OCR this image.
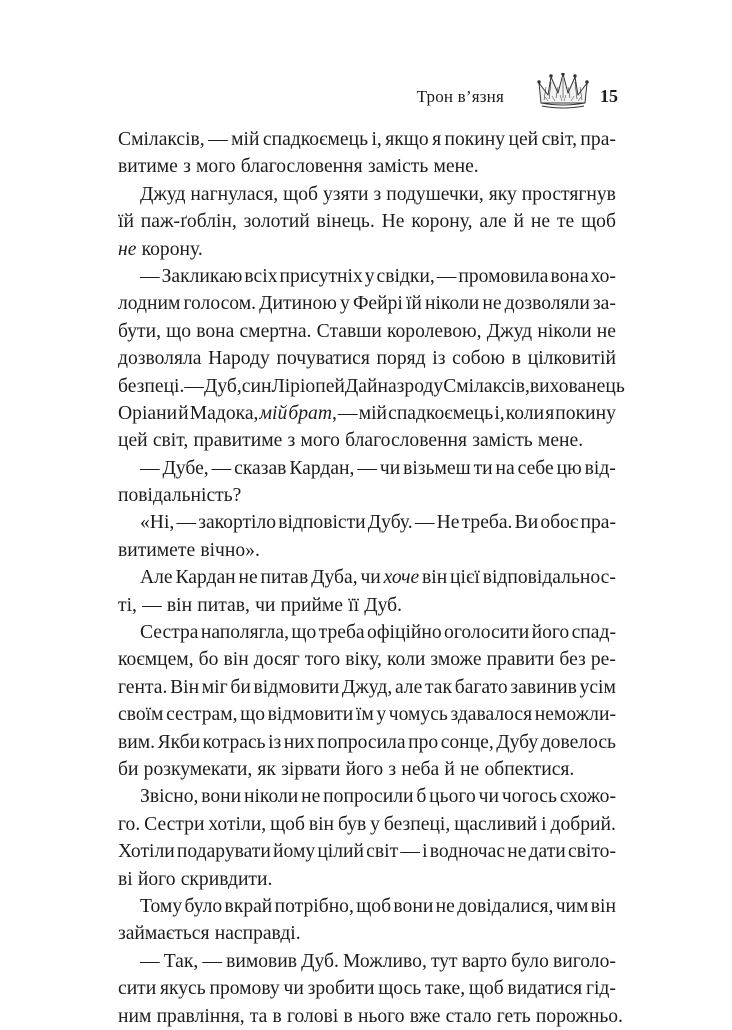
Трон в’язня	15
Смілаксів, — мій спадкоємець і, якщо я покину цей світ, пра-
витиме з мого благословення замість мене.
Джуд нагнулася, щоб узяти з подушечки, яку простягнув
їй паж-ґоблін, золотий вінець. Не корону, але й не те щоб
не корону.
— Закликаю всіх присутніх у свідки, — промовила вона хо-
лодним голосом. Дитиною у Фейрі їй ніколи не дозволяли за-
бути, що вона смертна. Ставши королевою, Джуд ніколи не
дозволяла Народу почуватися поряд із собою в цілковитій
безпеці. — Дуб, син Ліріопе й Дайна з роду Смілаксів, вихованець
Оріани й Мадока, мій брат, — мій спадкоємець і, коли я покину
цей світ, правитиме з мого благословення замість мене.
— Дубе, — сказав Кардан, — чи візьмеш ти на себе цю від-
повідальність?
«Ні, — закортіло відповісти Дубу. — Не треба. Ви обоє пра-
витимете вічно».
Але Кардан не питав Дуба, чи хоче він цієї відповідальнос-
ті, — він питав, чи прийме її Дуб.
Сестра наполягла, що треба офіційно оголосити його спад-
коємцем, бо він досяг того віку, коли зможе правити без ре-
гента. Він міг би відмовити Джуд, але так багато завинив усім
своїм сестрам, що відмовити їм у чомусь здавалося неможли-
вим. Якби котрась із них попросила про сонце, Дубу довелось
би розкумекати, як зірвати його з неба й не обпектися.
Звісно, вони ніколи не попросили б цього чи чогось схожо-
го. Сестри хотіли, щоб він був у безпеці, щасливий і добрий.
Хотіли подарувати йому цілий світ — і водночас не дати світо-
ві його скривдити.
Тому було вкрай потрібно, щоб вони не довідалися, чим він
займається насправді.
— Так, — вимовив Дуб. Можливо, тут варто було виголо-
сити якусь промову чи зробити щось таке, щоб видатися гід-
ним правління, та в голові в нього вже стало геть порожньо.
